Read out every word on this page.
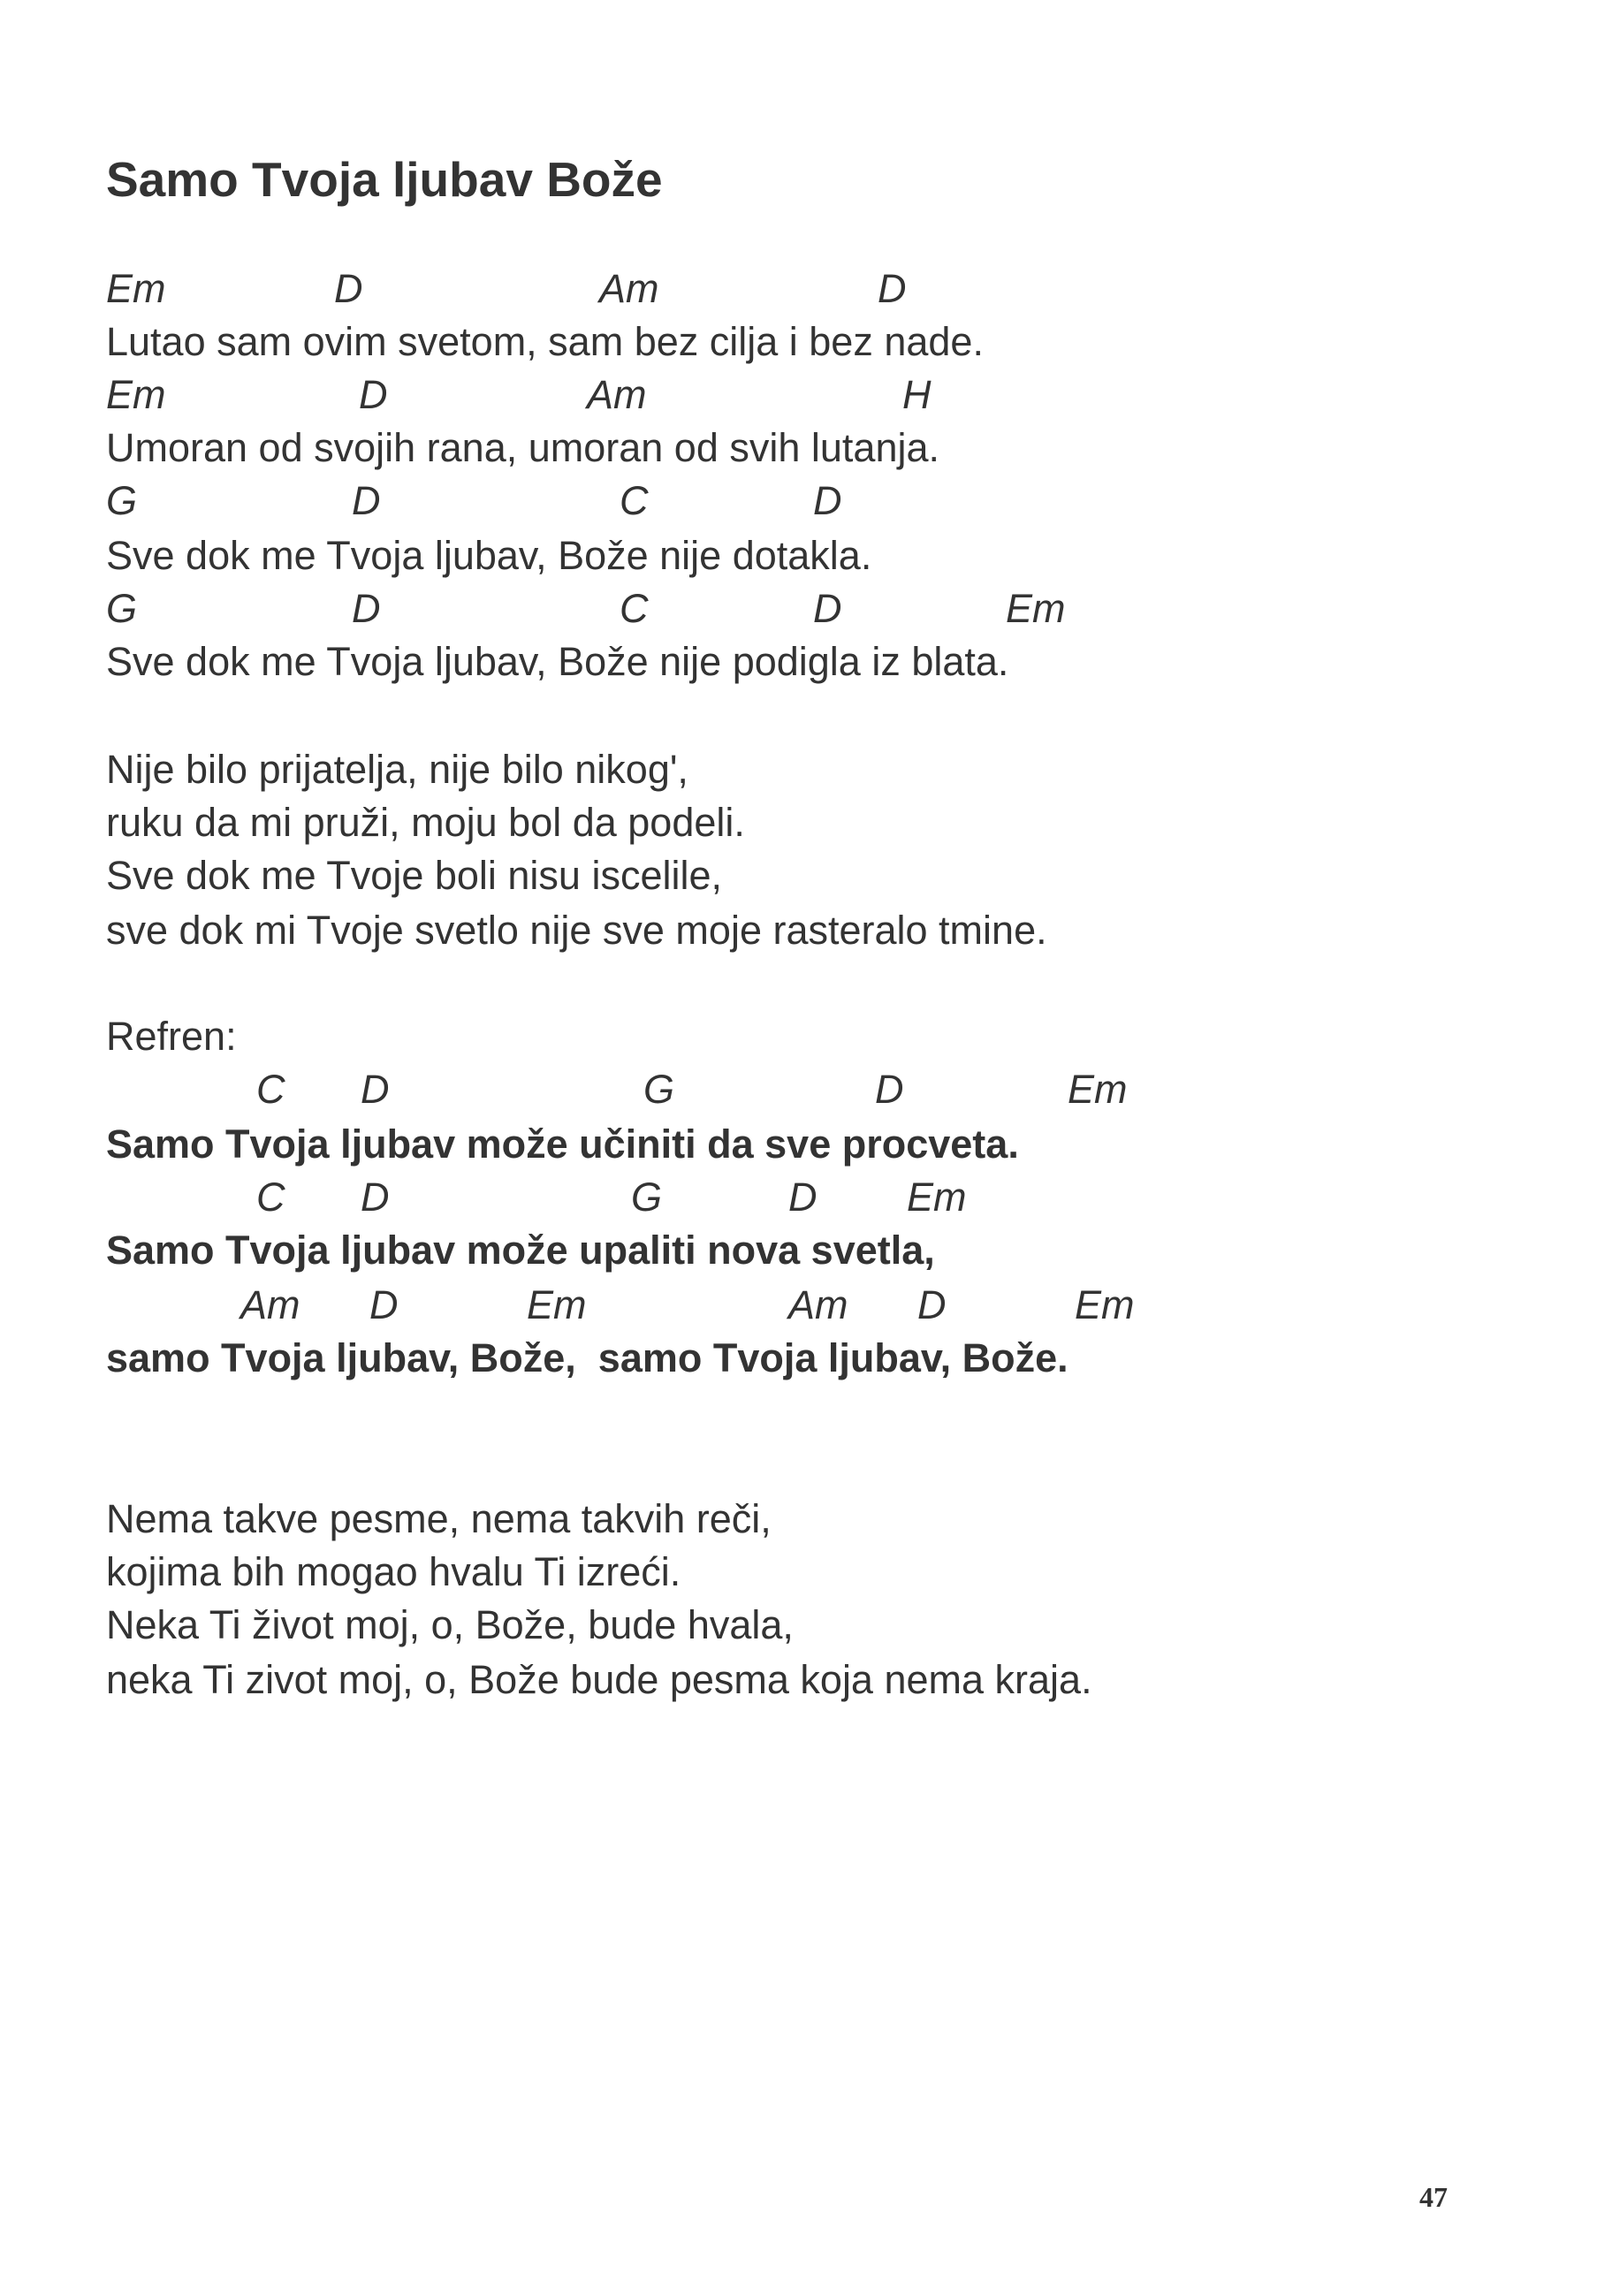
Samo Tvoja ljubav Bože
Em	D	Am	D
Lutao sam ovim svetom, sam bez cilja i bez nade.
Em	D	Am	H
Umoran od svojih rana, umoran od svih lutanja.
G	D	C	D
Sve dok me Tvoja ljubav, Bože nije dotakla.
G	D	C	D	Em
Sve dok me Tvoja ljubav, Bože nije podigla iz blata.
Nije bilo prijatelja, nije bilo nikog',
ruku da mi pruži, moju bol da podeli.
Sve dok me Tvoje boli nisu iscelile,
sve dok mi Tvoje svetlo nije sve moje rasteralo tmine.
Refren:
C D	G	D	Em
Samo Tvoja ljubav može učiniti da sve procveta.
C D	G	D Em
Samo Tvoja ljubav može upaliti nova svetla,
Am D	Em	Am D	Em
samo Tvoja ljubav, Bože,  samo Tvoja ljubav, Bože.
Nema takve pesme, nema takvih reči,
kojima bih mogao hvalu Ti izreći.
Neka Ti život moj, o, Bože, bude hvala,
neka Ti zivot moj, o, Bože bude pesma koja nema kraja.
47
